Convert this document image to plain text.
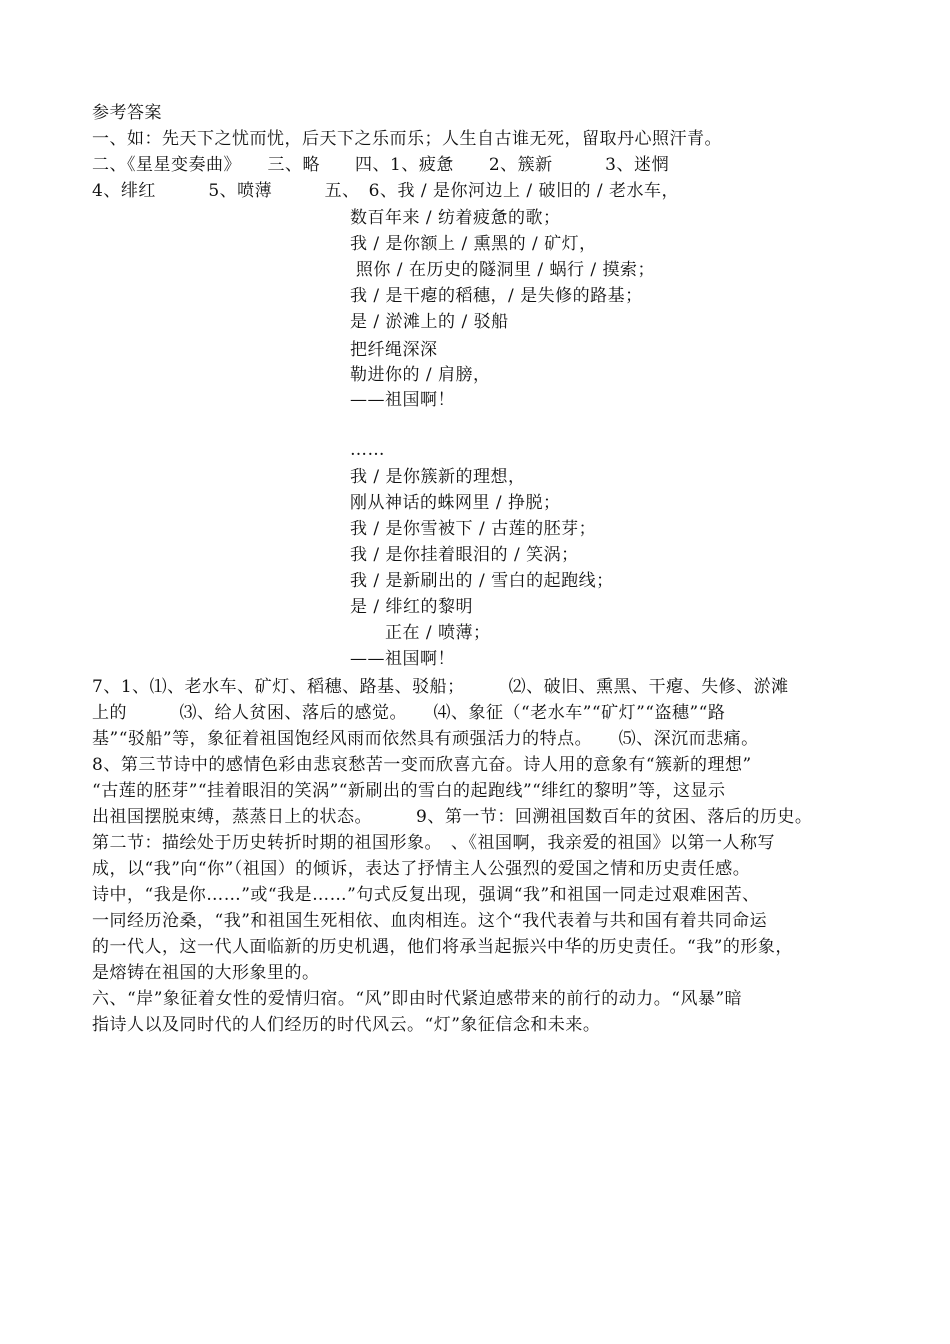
参考答案
一、如：先天下之忧而忧，后天下之乐而乐；人生自古谁无死，留取丹心照汗青。
二、《星星变奏曲》　　三、略　　四、1、疲惫　　2、簇新　　　3、迷惘
4、绯红　　　5、喷薄　　　五、　6、我 / 是你河边上 / 破旧的 / 老水车，
数百年来 / 纺着疲惫的歌；
我 / 是你额上 / 熏黑的 / 矿灯，
照你 / 在历史的隧洞里 / 蜗行 / 摸索；
我 / 是干瘪的稻穗，/ 是失修的路基；
是 / 淤滩上的 / 驳船
把纤绳深深
勒进你的 / 肩膀，
——祖国啊！
……
我 / 是你簇新的理想，
刚从神话的蛛网里 / 挣脱；
我 / 是你雪被下 / 古莲的胚芽；
我 / 是你挂着眼泪的 / 笑涡；
我 / 是新刷出的 / 雪白的起跑线；
是 / 绯红的黎明
　　正在 / 喷薄；
——祖国啊！
7、1、⑴、老水车、矿灯、稻穗、路基、驳船；　　　⑵、破旧、熏黑、干瘪、失修、淤滩
上的　　　⑶、给人贫困、落后的感觉。　　⑷、象征（“老水车”“矿灯”“盗穗”“路
基”“驳船”等，象征着祖国饱经风雨而依然具有顽强活力的特点。　　⑸、深沉而悲痛。
8、第三节诗中的感情色彩由悲哀愁苦一变而欣喜亢奋。诗人用的意象有“簇新的理想”
“古莲的胚芽”“挂着眼泪的笑涡”“新刷出的雪白的起跑线”“绯红的黎明”等，这显示
出祖国摆脱束缚，蒸蒸日上的状态。　　　9、第一节：回溯祖国数百年的贫困、落后的历史。
第二节：描绘处于历史转折时期的祖国形象。　、《祖国啊，我亲爱的祖国》以第一人称写
成，以“我”向“你”（祖国）的倾诉，表达了抒情主人公强烈的爱国之情和历史责任感。
诗中，“我是你……”或“我是……”句式反复出现，强调“我”和祖国一同走过艰难困苦、
一同经历沧桑，“我”和祖国生死相依、血肉相连。这个“我代表着与共和国有着共同命运
的一代人，这一代人面临新的历史机遇，他们将承当起振兴中华的历史责任。“我”的形象，
是熔铸在祖国的大形象里的。
六、“岸”象征着女性的爱情归宿。“风”即由时代紧迫感带来的前行的动力。“风暴”暗
指诗人以及同时代的人们经历的时代风云。“灯”象征信念和未来。
